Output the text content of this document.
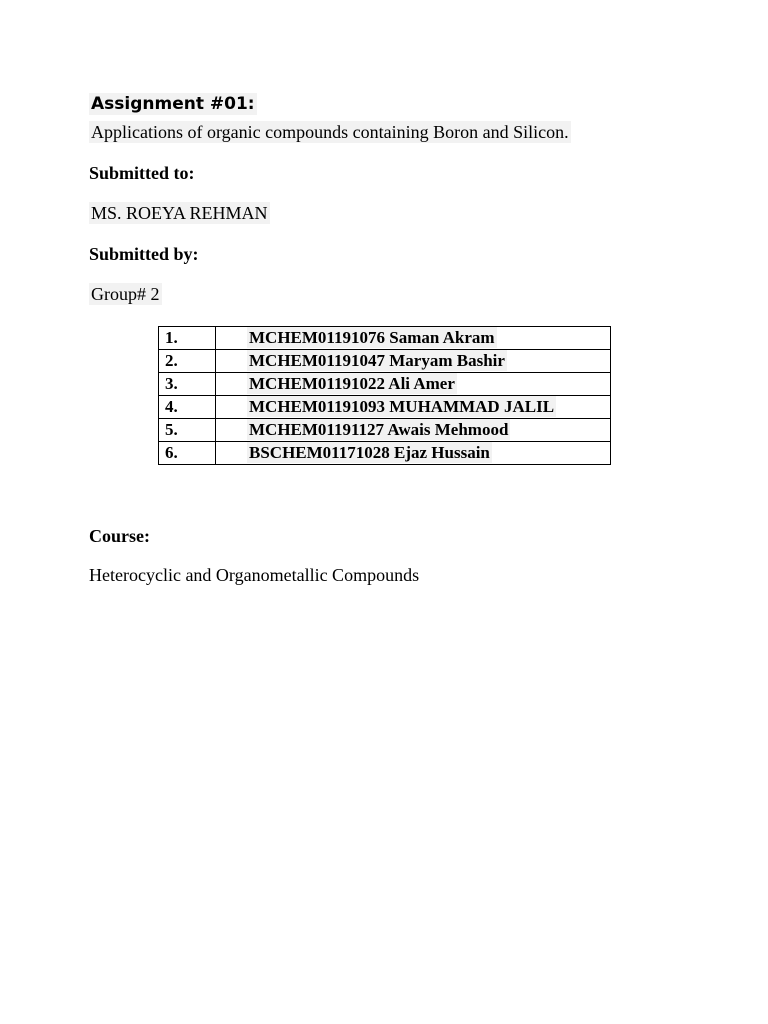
Assignment #01:
Applications of organic compounds containing Boron and Silicon.
Submitted to:
MS. ROEYA REHMAN
Submitted by:
Group# 2
1.	MCHEM01191076 Saman Akram
2.	MCHEM01191047 Maryam Bashir
3.	MCHEM01191022 Ali Amer
4.	MCHEM01191093 MUHAMMAD JALIL
5.	MCHEM01191127 Awais Mehmood
6.	BSCHEM01171028 Ejaz Hussain
Course:
Heterocyclic and Organometallic Compounds
